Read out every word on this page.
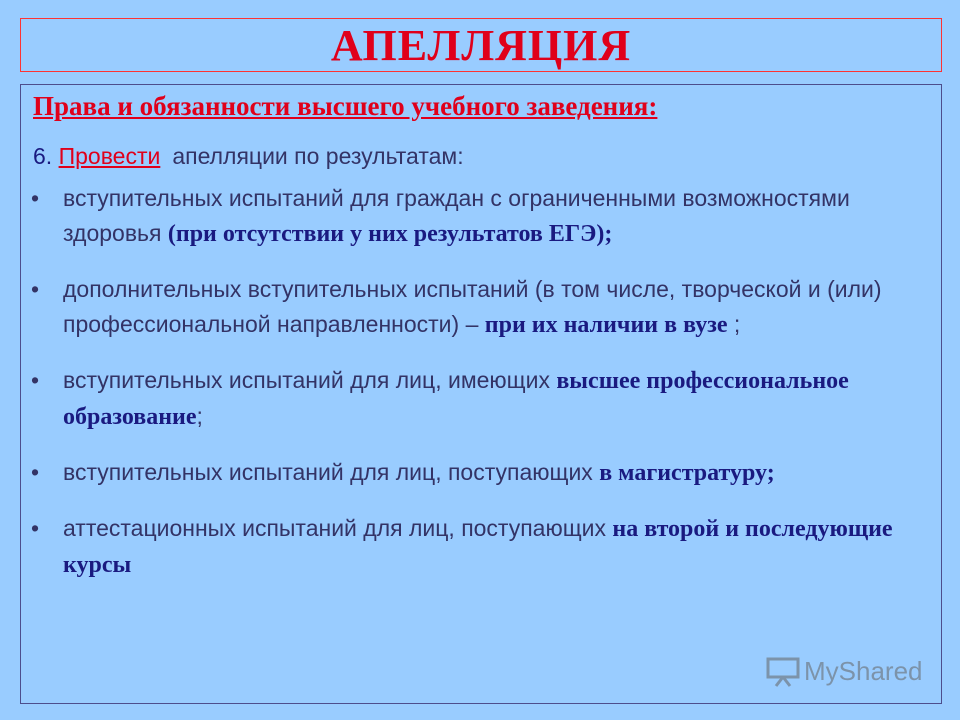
АПЕЛЛЯЦИЯ
Права и обязанности высшего учебного заведения:
6. Провести апелляции по результатам:
• вступительных испытаний для граждан с ограниченными возможностями здоровья (при отсутствии у них результатов ЕГЭ);
• дополнительных вступительных испытаний (в том числе, творческой и (или) профессиональной направленности) – при их наличии в вузе ;
• вступительных испытаний для лиц, имеющих высшее профессиональное образование;
• вступительных испытаний для лиц, поступающих в магистратуру;
• аттестационных испытаний для лиц, поступающих на второй и последующие курсы
MyShared
